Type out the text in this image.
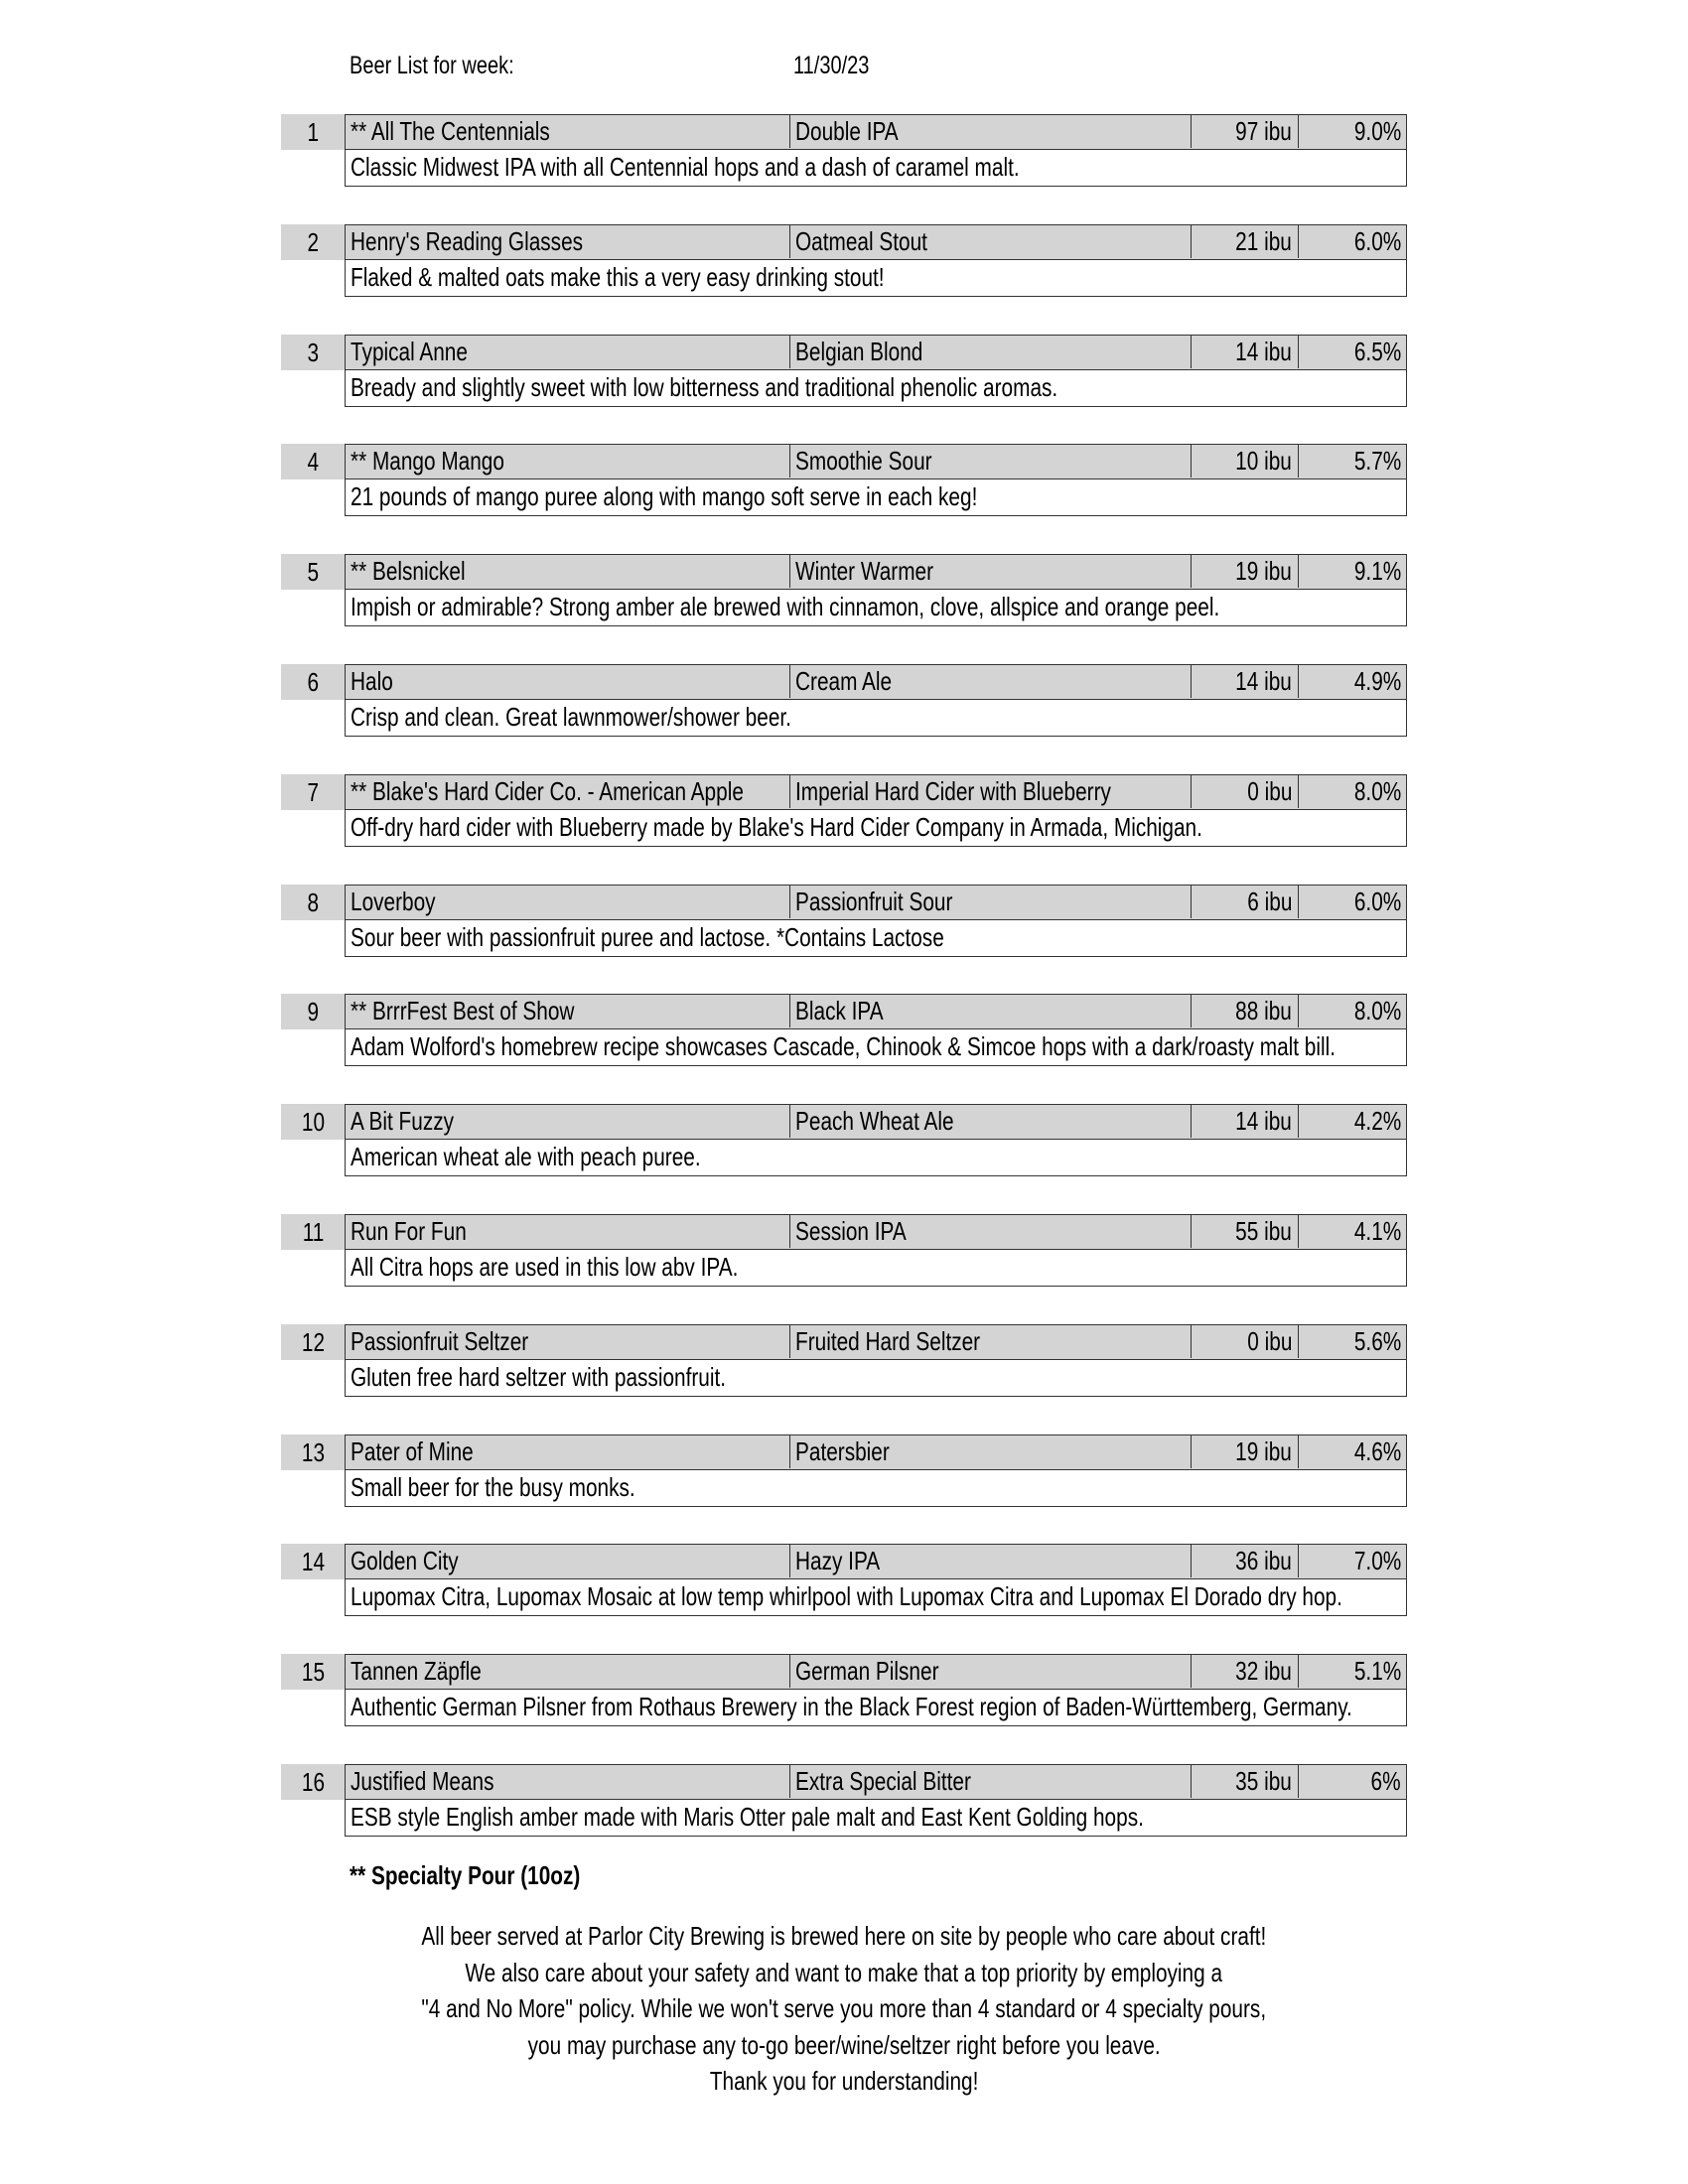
Beer List for week:	11/30/23
1	** All The Centennials	Double IPA	97 ibu	9.0%
Classic Midwest IPA with all Centennial hops and a dash of caramel malt.
2	Henry's Reading Glasses	Oatmeal Stout	21 ibu	6.0%
Flaked & malted oats make this a very easy drinking stout!
3	Typical Anne	Belgian Blond	14 ibu	6.5%
Bready and slightly sweet with low bitterness and traditional phenolic aromas.
4	** Mango Mango	Smoothie Sour	10 ibu	5.7%
21 pounds of mango puree along with mango soft serve in each keg!
5	** Belsnickel	Winter Warmer	19 ibu	9.1%
Impish or admirable? Strong amber ale brewed with cinnamon, clove, allspice and orange peel.
6	Halo	Cream Ale	14 ibu	4.9%
Crisp and clean. Great lawnmower/shower beer.
7	** Blake's Hard Cider Co. - American Apple	Imperial Hard Cider with Blueberry	0 ibu	8.0%
Off-dry hard cider with Blueberry made by Blake's Hard Cider Company in Armada, Michigan.
8	Loverboy	Passionfruit Sour	6 ibu	6.0%
Sour beer with passionfruit puree and lactose. *Contains Lactose
9	** BrrrFest Best of Show	Black IPA	88 ibu	8.0%
Adam Wolford's homebrew recipe showcases Cascade, Chinook & Simcoe hops with a dark/roasty malt bill.
10	A Bit Fuzzy	Peach Wheat Ale	14 ibu	4.2%
American wheat ale with peach puree.
11	Run For Fun	Session IPA	55 ibu	4.1%
All Citra hops are used in this low abv IPA.
12	Passionfruit Seltzer	Fruited Hard Seltzer	0 ibu	5.6%
Gluten free hard seltzer with passionfruit.
13	Pater of Mine	Patersbier	19 ibu	4.6%
Small beer for the busy monks.
14	Golden City	Hazy IPA	36 ibu	7.0%
Lupomax Citra, Lupomax Mosaic at low temp whirlpool with Lupomax Citra and Lupomax El Dorado dry hop.
15	Tannen Zäpfle	German Pilsner	32 ibu	5.1%
Authentic German Pilsner from Rothaus Brewery in the Black Forest region of Baden-Württemberg, Germany.
16	Justified Means	Extra Special Bitter	35 ibu	6%
ESB style English amber made with Maris Otter pale malt and East Kent Golding hops.
** Specialty Pour (10oz)
All beer served at Parlor City Brewing is brewed here on site by people who care about craft!
We also care about your safety and want to make that a top priority by employing a
"4 and No More" policy. While we won't serve you more than 4 standard or 4 specialty pours,
you may purchase any to-go beer/wine/seltzer right before you leave.
Thank you for understanding!
